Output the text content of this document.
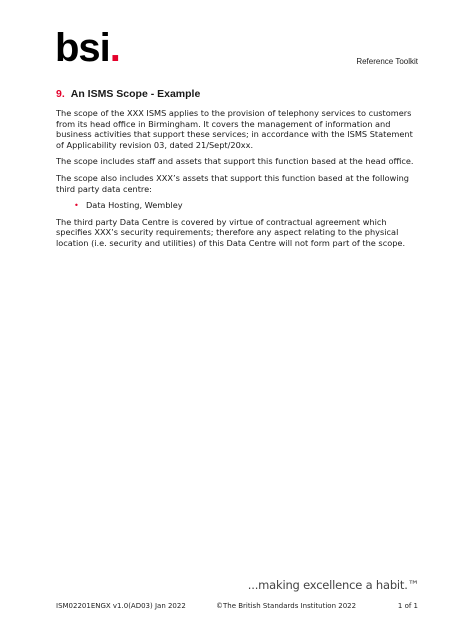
bsi.	Reference Toolkit
9. An ISMS Scope - Example

The scope of the XXX ISMS applies to the provision of telephony services to customers from its head office in Birmingham. It covers the management of information and business activities that support these services; in accordance with the ISMS Statement of Applicability revision 03, dated 21/Sept/20xx.

The scope includes staff and assets that support this function based at the head office.

The scope also includes XXX’s assets that support this function based at the following third party data centre:

• Data Hosting, Wembley

The third party Data Centre is covered by virtue of contractual agreement which specifies XXX’s security requirements; therefore any aspect relating to the physical location (i.e. security and utilities) of this Data Centre will not form part of the scope.

...making excellence a habit.™
ISM02201ENGX v1.0(AD03) Jan 2022	©The British Standards Institution 2022	1 of 1
